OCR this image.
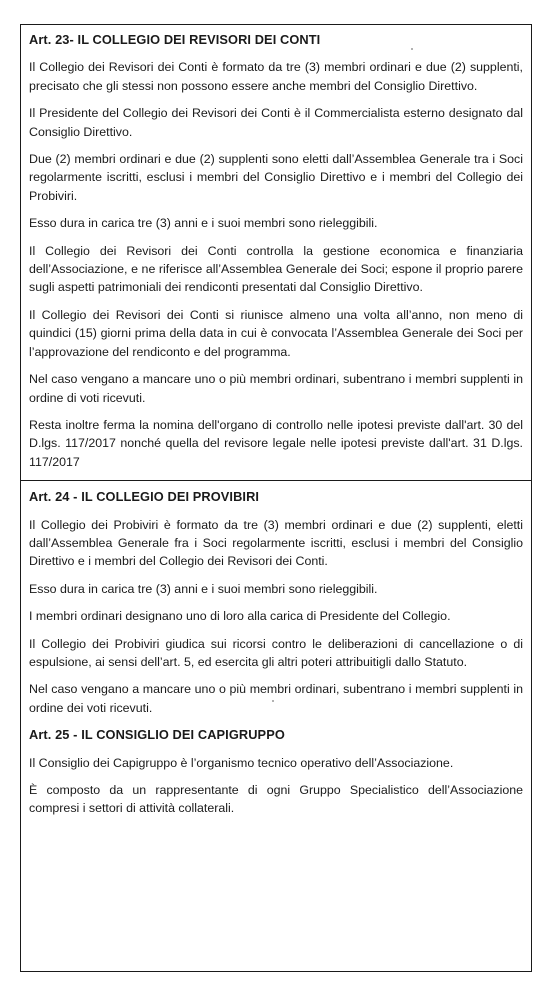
Art. 23- IL COLLEGIO DEI REVISORI DEI CONTI

Il Collegio dei Revisori dei Conti è formato da tre (3) membri ordinari e due (2) supplenti, precisato che gli stessi non possono essere anche membri del Consiglio Direttivo.

Il Presidente del Collegio dei Revisori dei Conti è il Commercialista esterno designato dal Consiglio Direttivo.

Due (2) membri ordinari e due (2) supplenti sono eletti dall’Assemblea Generale tra i Soci regolarmente iscritti, esclusi i membri del Consiglio Direttivo e i membri del Collegio dei Probiviri.

Esso dura in carica tre (3) anni e i suoi membri sono rieleggibili.

Il Collegio dei Revisori dei Conti controlla la gestione economica e finanziaria dell’Associazione, e ne riferisce all’Assemblea Generale dei Soci; espone il proprio parere sugli aspetti patrimoniali dei rendiconti presentati dal Consiglio Direttivo.

Il Collegio dei Revisori dei Conti si riunisce almeno una volta all’anno, non meno di quindici (15) giorni prima della data in cui è convocata l’Assemblea Generale dei Soci per l’approvazione del rendiconto e del programma.

Nel caso vengano a mancare uno o più membri ordinari, subentrano i membri supplenti in ordine di voti ricevuti.

Resta inoltre ferma la nomina dell'organo di controllo nelle ipotesi previste dall'art. 30 del D.lgs. 117/2017 nonché quella del revisore legale nelle ipotesi previste dall'art. 31 D.lgs. 117/2017

Art. 24 - IL COLLEGIO DEI PROVIBIRI

Il Collegio dei Probiviri è formato da tre (3) membri ordinari e due (2) supplenti, eletti dall’Assemblea Generale fra i Soci regolarmente iscritti, esclusi i membri del Consiglio Direttivo e i membri del Collegio dei Revisori dei Conti.

Esso dura in carica tre (3) anni e i suoi membri sono rieleggibili.

I membri ordinari designano uno di loro alla carica di Presidente del Collegio.

Il Collegio dei Probiviri giudica sui ricorsi contro le deliberazioni di cancellazione o di espulsione, ai sensi dell’art. 5, ed esercita gli altri poteri attribuitigli dallo Statuto.

Nel caso vengano a mancare uno o più membri ordinari, subentrano i membri supplenti in ordine dei voti ricevuti.

Art. 25 - IL CONSIGLIO DEI CAPIGRUPPO

Il Consiglio dei Capigruppo è l’organismo tecnico operativo dell’Associazione.

È composto da un rappresentante di ogni Gruppo Specialistico dell’Associazione compresi i settori di attività collaterali.
